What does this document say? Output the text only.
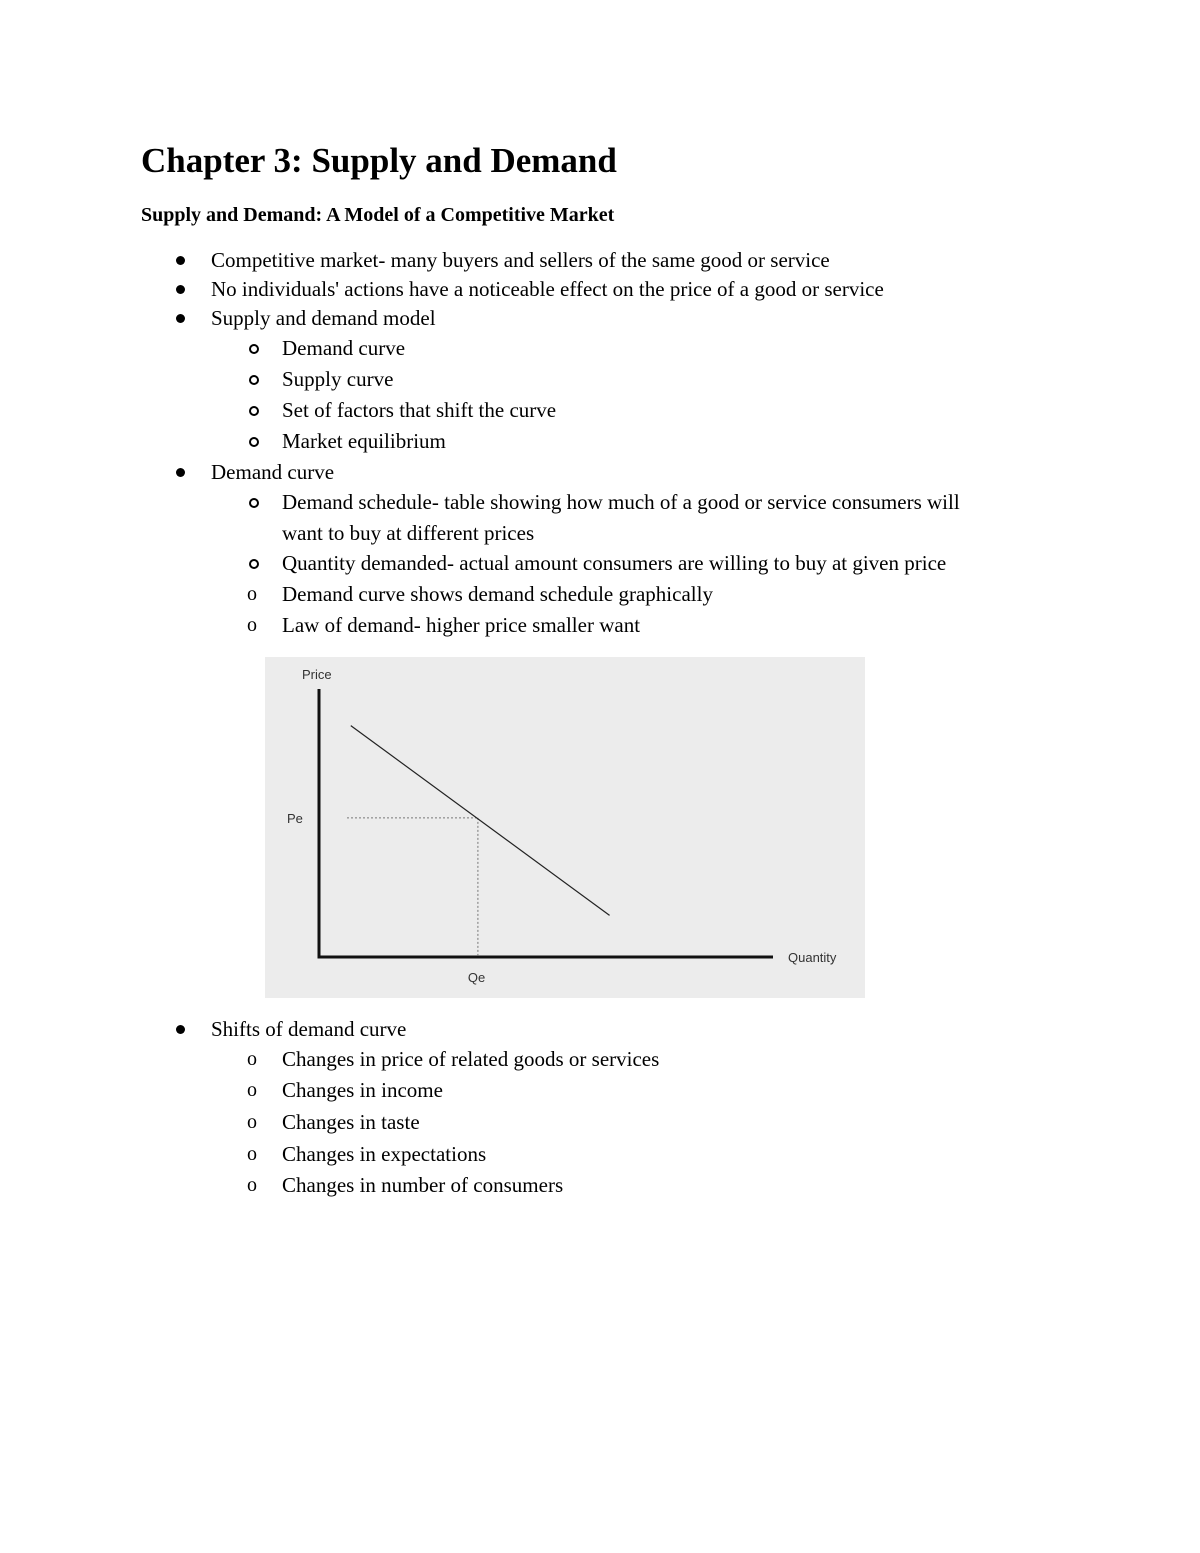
Chapter 3: Supply and Demand
Supply and Demand: A Model of a Competitive Market
Competitive market- many buyers and sellers of the same good or service
No individuals' actions have a noticeable effect on the price of a good or service
Supply and demand model
Demand curve
Supply curve
Set of factors that shift the curve
Market equilibrium
Demand curve
Demand schedule- table showing how much of a good or service consumers will
want to buy at different prices
Quantity demanded- actual amount consumers are willing to buy at given price
o Demand curve shows demand schedule graphically
o Law of demand- higher price smaller want
Price
Quantity
Pe
Qe
Shifts of demand curve
o Changes in price of related goods or services
o Changes in income
o Changes in taste
o Changes in expectations
o Changes in number of consumers
